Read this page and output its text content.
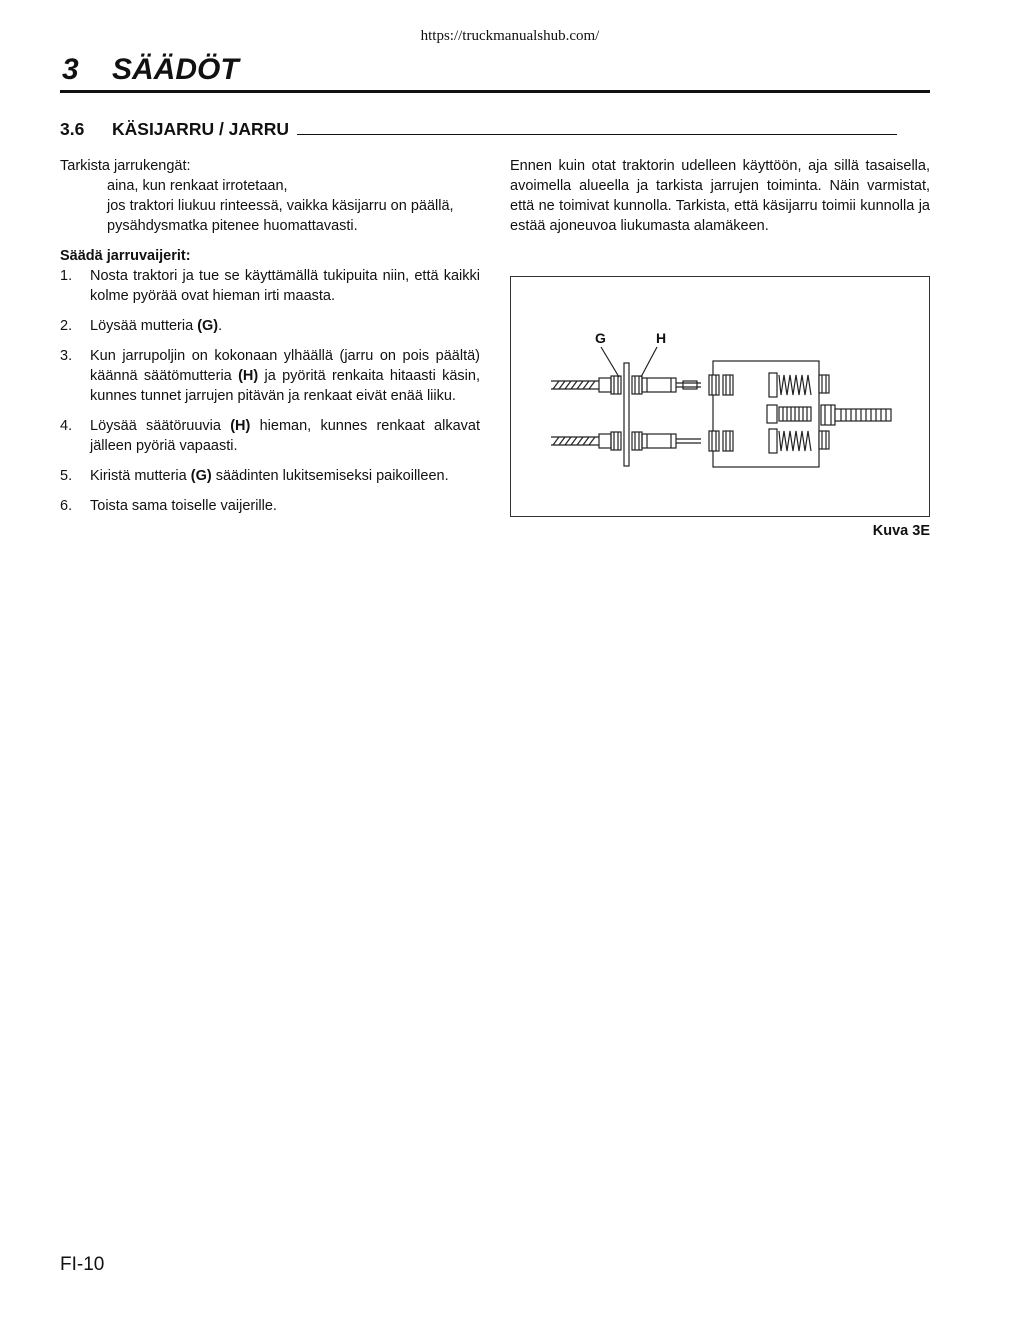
https://truckmanualshub.com/
3 SÄÄDÖT
3.6 KÄSIJARRU / JARRU

Tarkista jarrukengät:

aina, kun renkaat irrotetaan,

jos traktori liukuu rinteessä, vaikka käsijarru on päällä,

pysähdysmatka pitenee huomattavasti.

Säädä jarruvaijerit:

1. Nosta traktori ja tue se käyttämällä tukipuita niin, että kaikki kolme pyörää ovat hieman irti maasta.
2. Löysää mutteria (G).
3. Kun jarrupoljin on kokonaan ylhäällä (jarru on pois päältä) käännä säätömutteria (H) ja pyöritä renkaita hitaasti käsin, kunnes tunnet jarrujen pitävän ja renkaat eivät enää liiku.
4. Löysää säätöruuvia (H) hieman, kunnes renkaat alkavat jälleen pyöriä vapaasti.
5. Kiristä mutteria (G) säädinten lukitsemiseksi paikoilleen.
6. Toista sama toiselle vaijerille.

Ennen kuin otat traktorin udelleen käyttöön, aja sillä tasaisella, avoimella alueella ja tarkista jarrujen toiminta. Näin varmistat, että ne toimivat kunnolla. Tarkista, että käsijarru toimii kunnolla ja estää ajoneuvoa liukumasta alamäkeen.

G	H
Kuva 3E
FI-10
